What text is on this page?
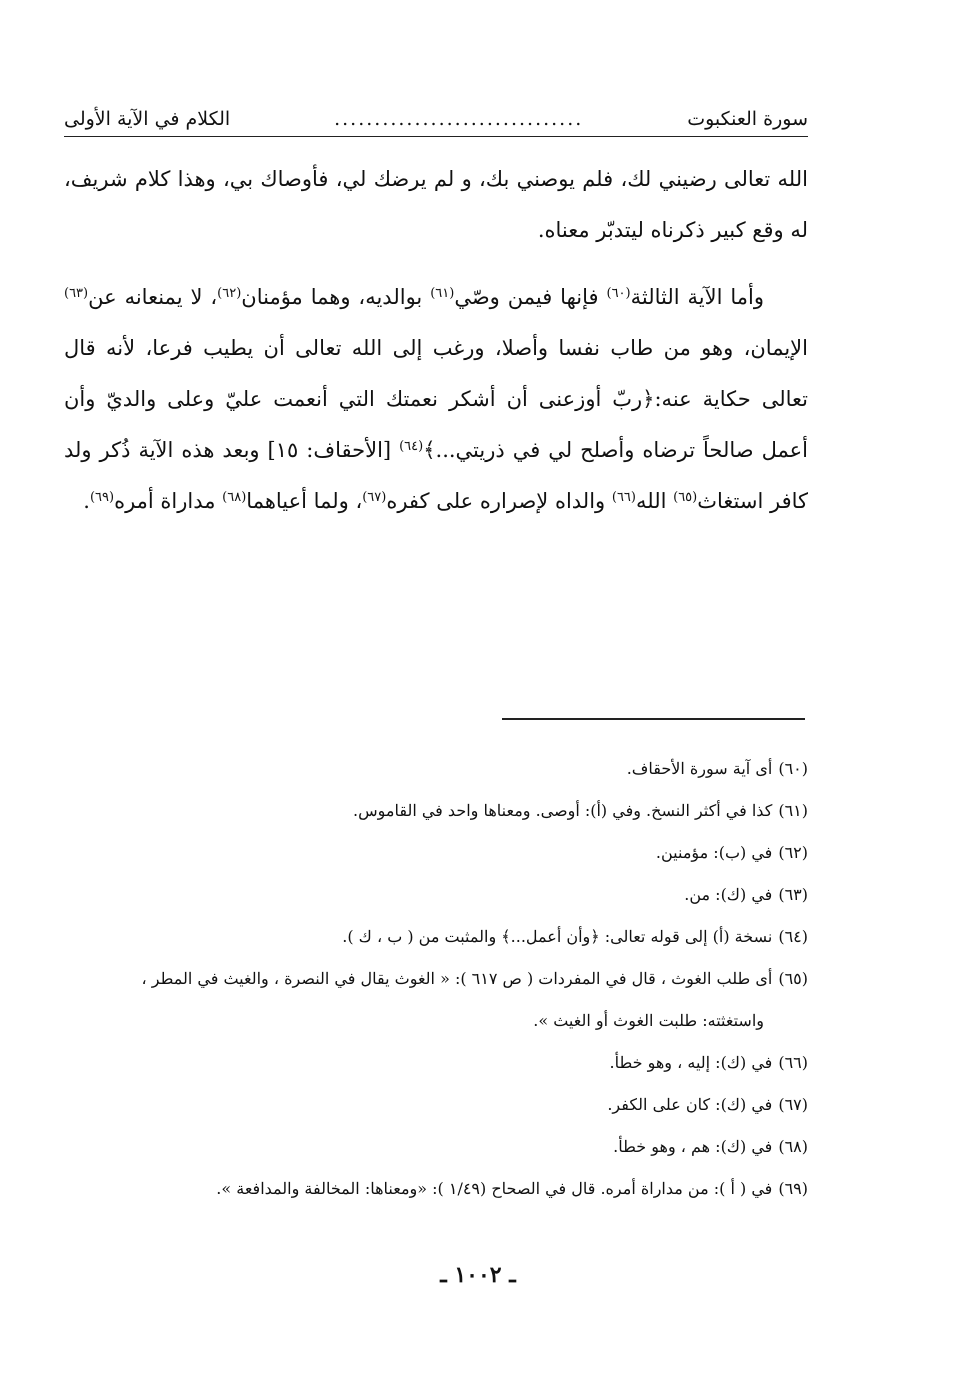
سورة العنكبوت
...............................
الكلام في الآية الأولى

الله تعالى رضيني لك، فلم يوصني بك، و لم يرضك لي، فأوصاك بي، وهذا كلام شريف، له وقع كبير ذكرناه ليتدبّر معناه.

وأما الآية الثالثة$^{(٦٠)}$ فإنها فيمن وصّي$^{(٦١)}$ بوالديه، وهما مؤمنان$^{(٦٢)}$، لا يمنعانه عن$^{(٦٣)}$ الإيمان، وهو من طاب نفسا وأصلا، ورغب إلى الله تعالى أن يطيب فرعا، لأنه قال تعالى حكاية عنه:﴿ربّ أوزعنى أن أشكر نعمتك التي أنعمت عليّ وعلى والديّ وأن أعمل صالحاً ترضاه وأصلح لي في ذريتي...﴾$^{(٦٤)}$ [الأحقاف: ١٥] وبعد هذه الآية ذُكر ولد كافر استغاث$^{(٦٥)}$ الله$^{(٦٦)}$ والداه لإصراره على كفره$^{(٦٧)}$، ولما أعياهما$^{(٦٨)}$ مداراة أمره$^{(٦٩)}$.

(٦٠)أى آية سورة الأحقاف.

(٦١)كذا في أكثر النسخ. وفي (أ): أوصى. ومعناها واحد في القاموس.

(٦٢)في (ب): مؤمنين.

(٦٣)في (ك): من.

(٦٤)نسخة (أ) إلى قوله تعالى: ﴿وأن أعمل...﴾ والمثبت من ( ب ، ك ).

(٦٥)أى طلب الغوث ، قال في المفردات ( ص ٦١٧ ): « الغوث يقال في النصرة ، والغيث في المطر ،

واستغثته: طلبت الغوث أو الغيث ».

(٦٦)في (ك): إليه ، وهو خطأ.

(٦٧)في (ك): كان على الكفر.

(٦٨)في (ك): هم ، وهو خطأ.

(٦٩)في ( أ ): من مداراة أمره. قال في الصحاح (١/٤٩ ): «ومعناها: المخالفة والمدافعة ».

ـ ١٠٠٢ ـ
